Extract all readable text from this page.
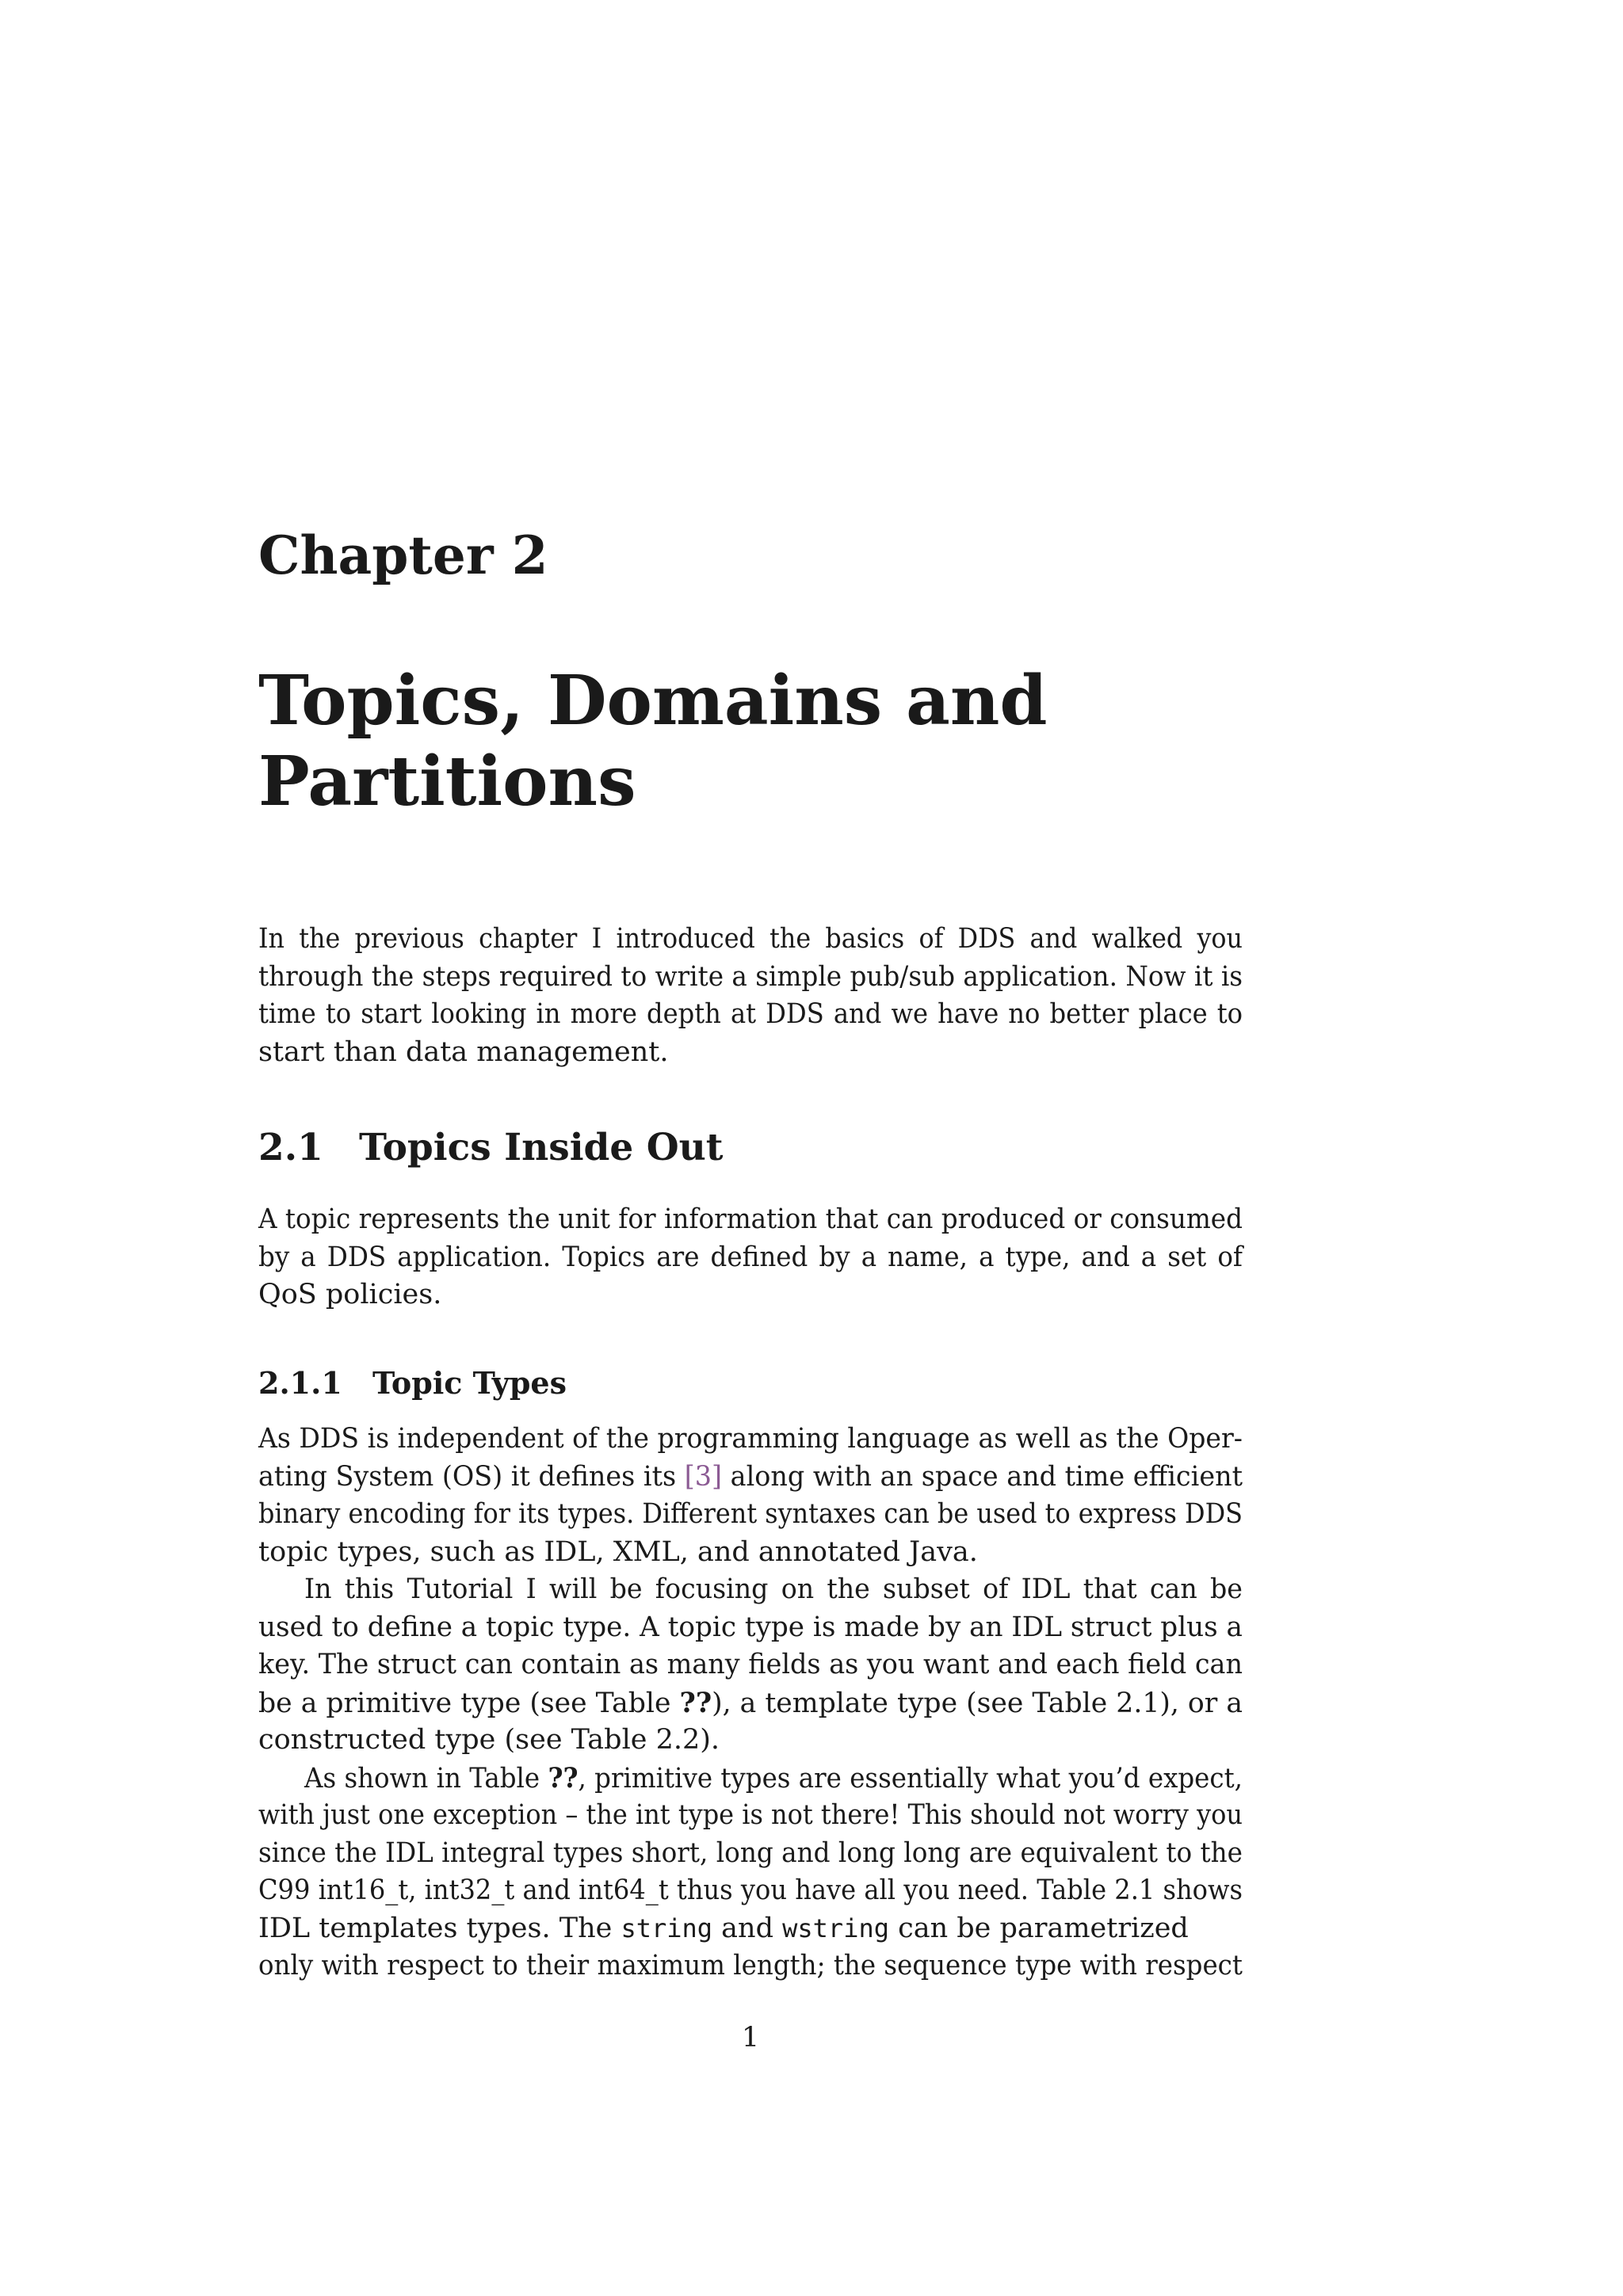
Chapter 2
Topics, Domains and
Partitions
In the previous chapter I introduced the basics of DDS and walked you
through the steps required to write a simple pub/sub application. Now it is
time to start looking in more depth at DDS and we have no better place to
start than data management.
2.1 Topics Inside Out
A topic represents the unit for information that can produced or consumed
by a DDS application. Topics are defined by a name, a type, and a set of
QoS policies.
2.1.1 Topic Types
As DDS is independent of the programming language as well as the Oper-
ating System (OS) it defines its [3] along with an space and time efficient
binary encoding for its types. Different syntaxes can be used to express DDS
topic types, such as IDL, XML, and annotated Java.
In this Tutorial I will be focusing on the subset of IDL that can be
used to define a topic type. A topic type is made by an IDL struct plus a
key. The struct can contain as many fields as you want and each field can
be a primitive type (see Table ??), a template type (see Table 2.1), or a
constructed type (see Table 2.2).
As shown in Table ??, primitive types are essentially what you’d expect,
with just one exception – the int type is not there! This should not worry you
since the IDL integral types short, long and long long are equivalent to the
C99 int16_t, int32_t and int64_t thus you have all you need. Table 2.1 shows
IDL templates types. The string and wstring can be parametrized
only with respect to their maximum length; the sequence type with respect
1
